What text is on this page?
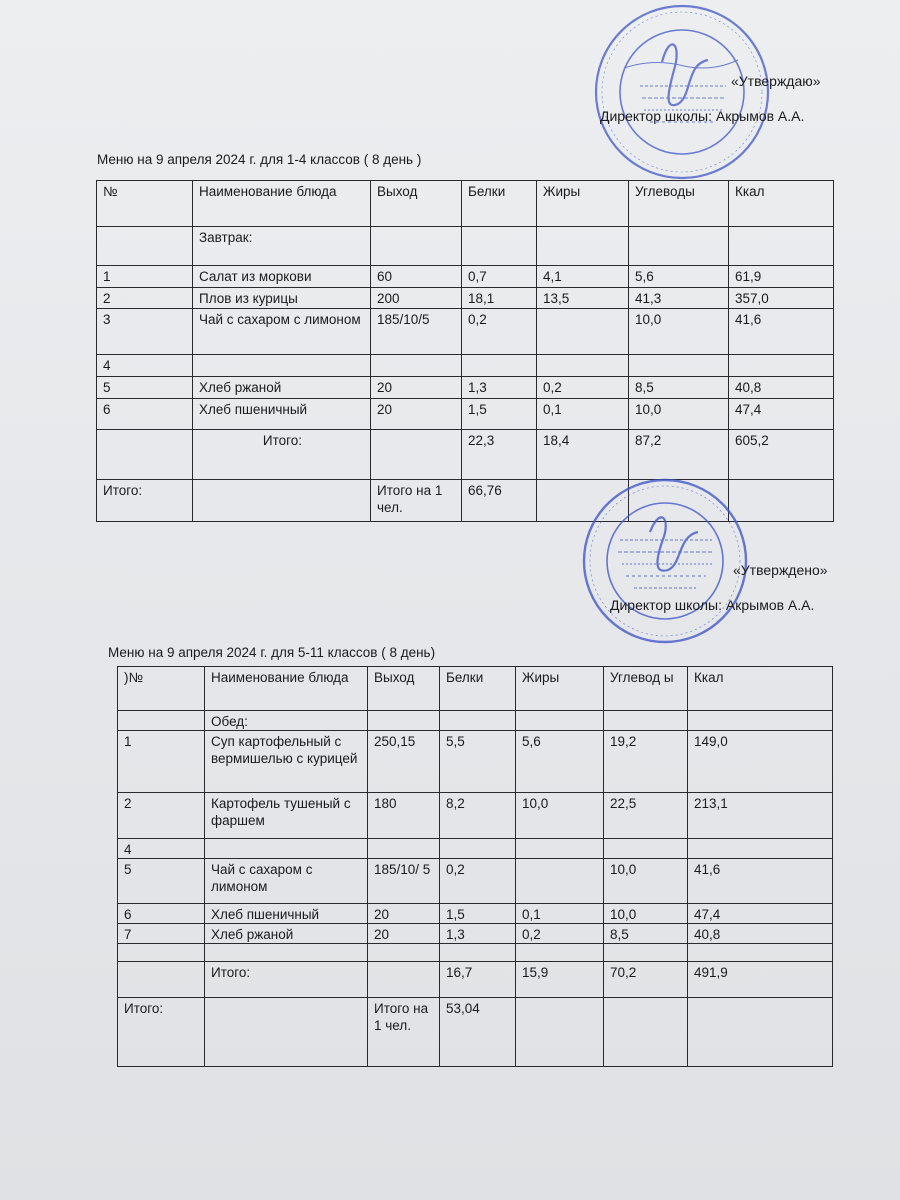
«Утверждаю»
Директор школы: Акрымов А.А.
Меню на 9 апреля 2024 г. для 1-4 классов ( 8 день )
№	Наименование блюда	Выход	Белки	Жиры	Углеводы	Ккал
	Завтрак:					
1	Салат из моркови	60	0,7	4,1	5,6	61,9
2	Плов из курицы	200	18,1	13,5	41,3	357,0
3	Чай с сахаром с лимоном	185/10/5	0,2		10,0	41,6
4						
5	Хлеб ржаной	20	1,3	0,2	8,5	40,8
6	Хлеб пшеничный	20	1,5	0,1	10,0	47,4
	Итого:		22,3	18,4	87,2	605,2
Итого:		Итого на 1 чел.	66,76			
«Утверждено»
Директор школы: Акрымов А.А.
Меню на 9 апреля 2024 г. для 5-11 классов ( 8 день)
)№	Наименование блюда	Выход	Белки	Жиры	Углевод ы	Ккал
	Обед:					
1	Суп картофельный с вермишелью с курицей	250,15	5,5	5,6	19,2	149,0
2	Картофель тушеный с фаршем	180	8,2	10,0	22,5	213,1
4						
5	Чай с сахаром с лимоном	185/10/ 5	0,2		10,0	41,6
6	Хлеб пшеничный	20	1,5	0,1	10,0	47,4
7	Хлеб ржаной	20	1,3	0,2	8,5	40,8

	Итого:		16,7	15,9	70,2	491,9
Итого:		Итого на 1 чел.	53,04			
